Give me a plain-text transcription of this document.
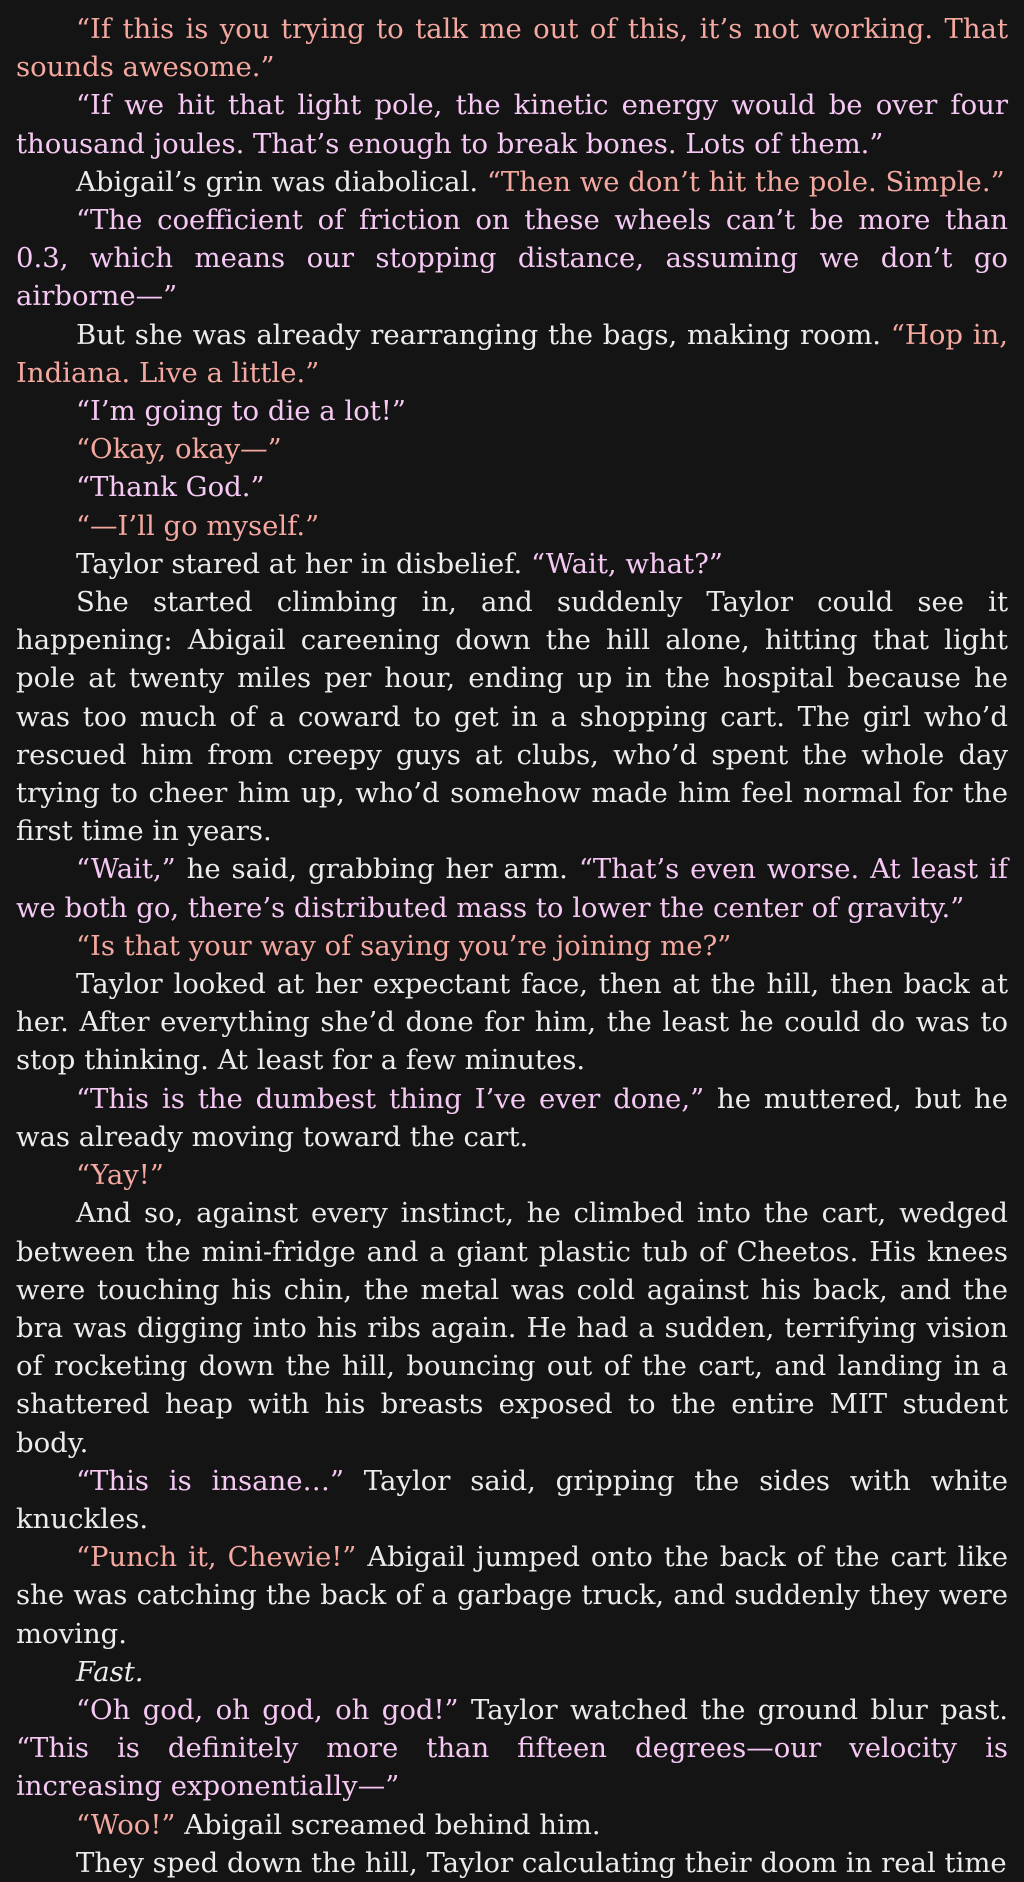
“If this is you trying to talk me out of this, it’s not working. That sounds awesome.”

“If we hit that light pole, the kinetic energy would be over four thousand joules. That’s enough to break bones. Lots of them.”

Abigail’s grin was diabolical. “Then we don’t hit the pole. Simple.”

“The coefficient of friction on these wheels can’t be more than 0.3, which means our stopping distance, assuming we don’t go airborne—”

But she was already rearranging the bags, making room. “Hop in, Indiana. Live a little.”

“I’m going to die a lot!”

“Okay, okay—”

“Thank God.”

“—I’ll go myself.”

Taylor stared at her in disbelief. “Wait, what?”

She started climbing in, and suddenly Taylor could see it happening: Abigail careening down the hill alone, hitting that light pole at twenty miles per hour, ending up in the hospital because he was too much of a coward to get in a shopping cart. The girl who’d rescued him from creepy guys at clubs, who’d spent the whole day trying to cheer him up, who’d somehow made him feel normal for the first time in years.

“Wait,” he said, grabbing her arm. “That’s even worse. At least if we both go, there’s distributed mass to lower the center of gravity.”

“Is that your way of saying you’re joining me?”

Taylor looked at her expectant face, then at the hill, then back at her. After everything she’d done for him, the least he could do was to stop thinking. At least for a few minutes.

“This is the dumbest thing I’ve ever done,” he muttered, but he was already moving toward the cart.

“Yay!”

And so, against every instinct, he climbed into the cart, wedged between the mini-fridge and a giant plastic tub of Cheetos. His knees were touching his chin, the metal was cold against his back, and the bra was digging into his ribs again. He had a sudden, terrifying vision of rocketing down the hill, bouncing out of the cart, and landing in a shattered heap with his breasts exposed to the entire MIT student body.

“This is insane…” Taylor said, gripping the sides with white knuckles.

“Punch it, Chewie!” Abigail jumped onto the back of the cart like she was catching the back of a garbage truck, and suddenly they were moving.

Fast.

“Oh god, oh god, oh god!” Taylor watched the ground blur past. “This is definitely more than fifteen degrees—our velocity is increasing exponentially—”

“Woo!” Abigail screamed behind him.

They sped down the hill, Taylor calculating their doom in real time
